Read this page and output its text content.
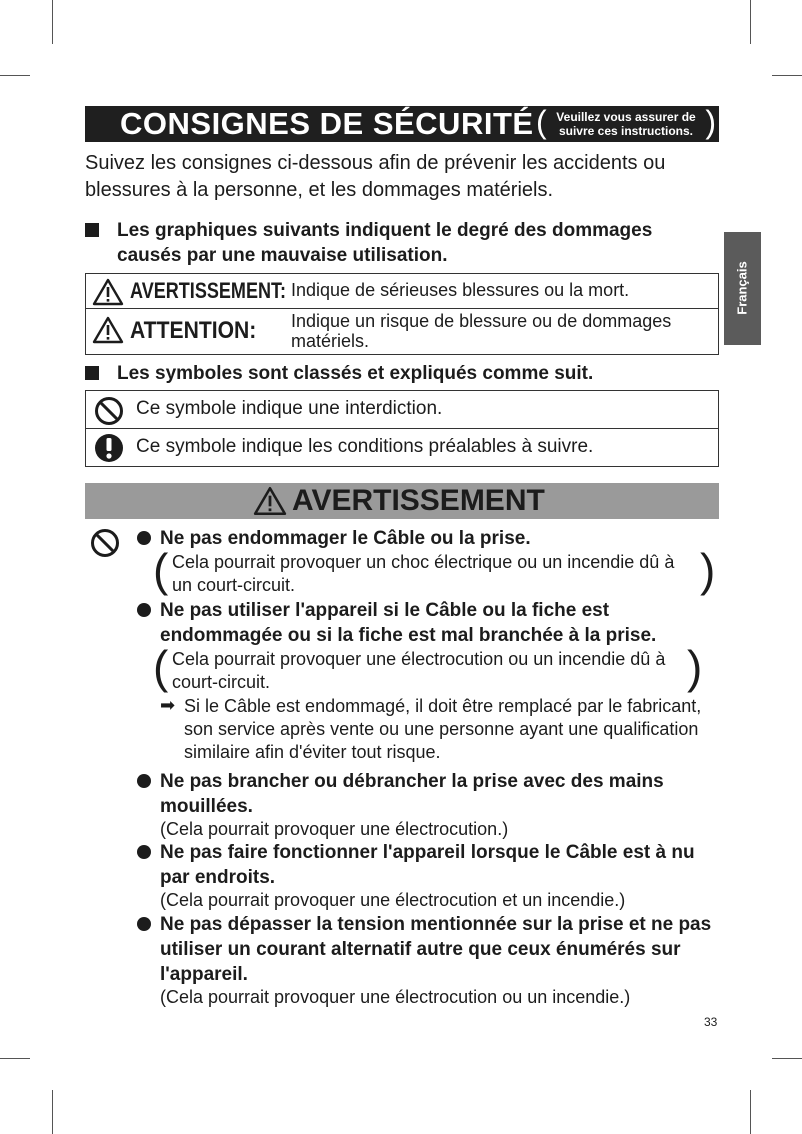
CONSIGNES DE SÉCURITÉ ( Veuillez vous assurer de
suivre ces instructions. )
Suivez les consignes ci-dessous afin de prévenir les accidents ou blessures à la personne, et les dommages matériels.
Les graphiques suivants indiquent le degré des dommages causés par une mauvaise utilisation.
AVERTISSEMENT: Indique de sérieuses blessures ou la mort.
ATTENTION: Indique un risque de blessure ou de dommages matériels.
Les symboles sont classés et expliqués comme suit.
Ce symbole indique une interdiction.
Ce symbole indique les conditions préalables à suivre.
AVERTISSEMENT
Ne pas endommager le Câble ou la prise.
( Cela pourrait provoquer un choc électrique ou un incendie dû à un court-circuit.	)
Ne pas utiliser l'appareil si le Câble ou la fiche est endommagée ou si la fiche est mal branchée à la prise.
( Cela pourrait provoquer une électrocution ou un incendie dû à court-circuit.	)
➡ Si le Câble est endommagé, il doit être remplacé par le fabricant, son service après vente ou une personne ayant une qualification similaire afin d'éviter tout risque.
Ne pas brancher ou débrancher la prise avec des mains mouillées.
(Cela pourrait provoquer une électrocution.)
Ne pas faire fonctionner l'appareil lorsque le Câble est à nu par endroits.
(Cela pourrait provoquer une électrocution et un incendie.)
Ne pas dépasser la tension mentionnée sur la prise et ne pas utiliser un courant alternatif autre que ceux énumérés sur l'appareil.
(Cela pourrait provoquer une électrocution ou un incendie.)
Français
33
